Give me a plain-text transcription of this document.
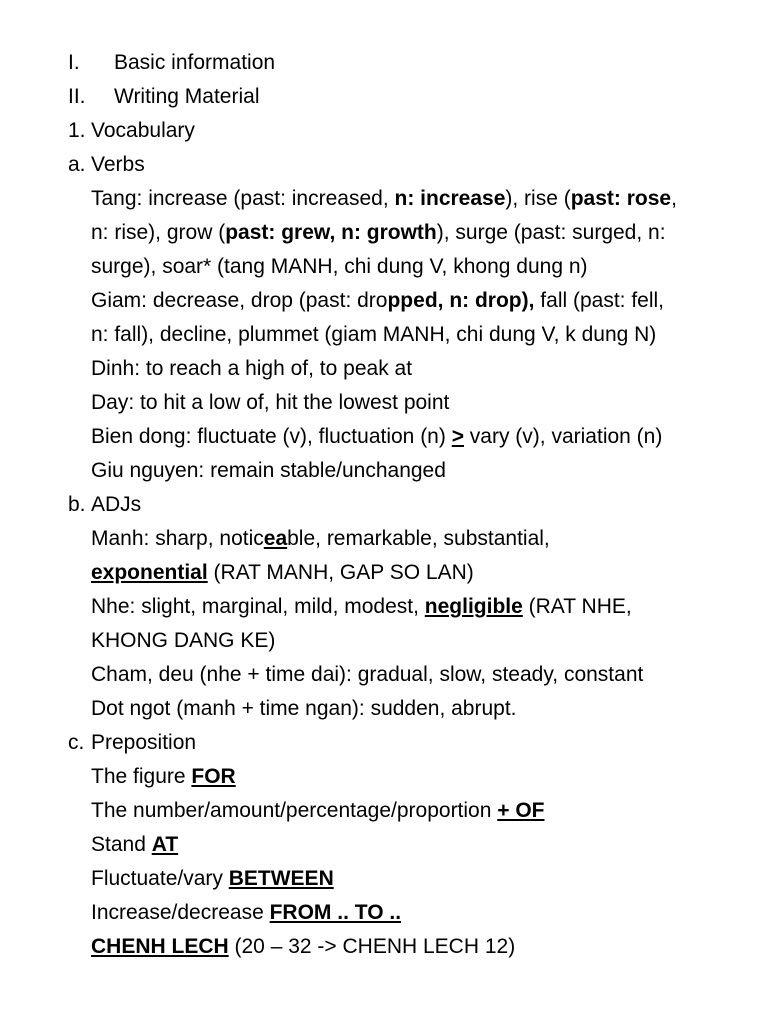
I. Basic information
II. Writing Material
1. Vocabulary
a. Verbs
Tang: increase (past: increased, n: increase), rise (past: rose,
n: rise), grow (past: grew, n: growth), surge (past: surged, n:
surge), soar* (tang MANH, chi dung V, khong dung n)
Giam: decrease, drop (past: dropped, n: drop), fall (past: fell,
n: fall), decline, plummet (giam MANH, chi dung V, k dung N)
Dinh: to reach a high of, to peak at
Day: to hit a low of, hit the lowest point
Bien dong: fluctuate (v), fluctuation (n) > vary (v), variation (n)
Giu nguyen: remain stable/unchanged
b. ADJs
Manh: sharp, noticeable, remarkable, substantial,
exponential (RAT MANH, GAP SO LAN)
Nhe: slight, marginal, mild, modest, negligible (RAT NHE,
KHONG DANG KE)
Cham, deu (nhe + time dai): gradual, slow, steady, constant
Dot ngot (manh + time ngan): sudden, abrupt.
c. Preposition
The figure FOR
The number/amount/percentage/proportion + OF
Stand AT
Fluctuate/vary BETWEEN
Increase/decrease FROM .. TO ..
CHENH LECH (20 – 32 -> CHENH LECH 12)
